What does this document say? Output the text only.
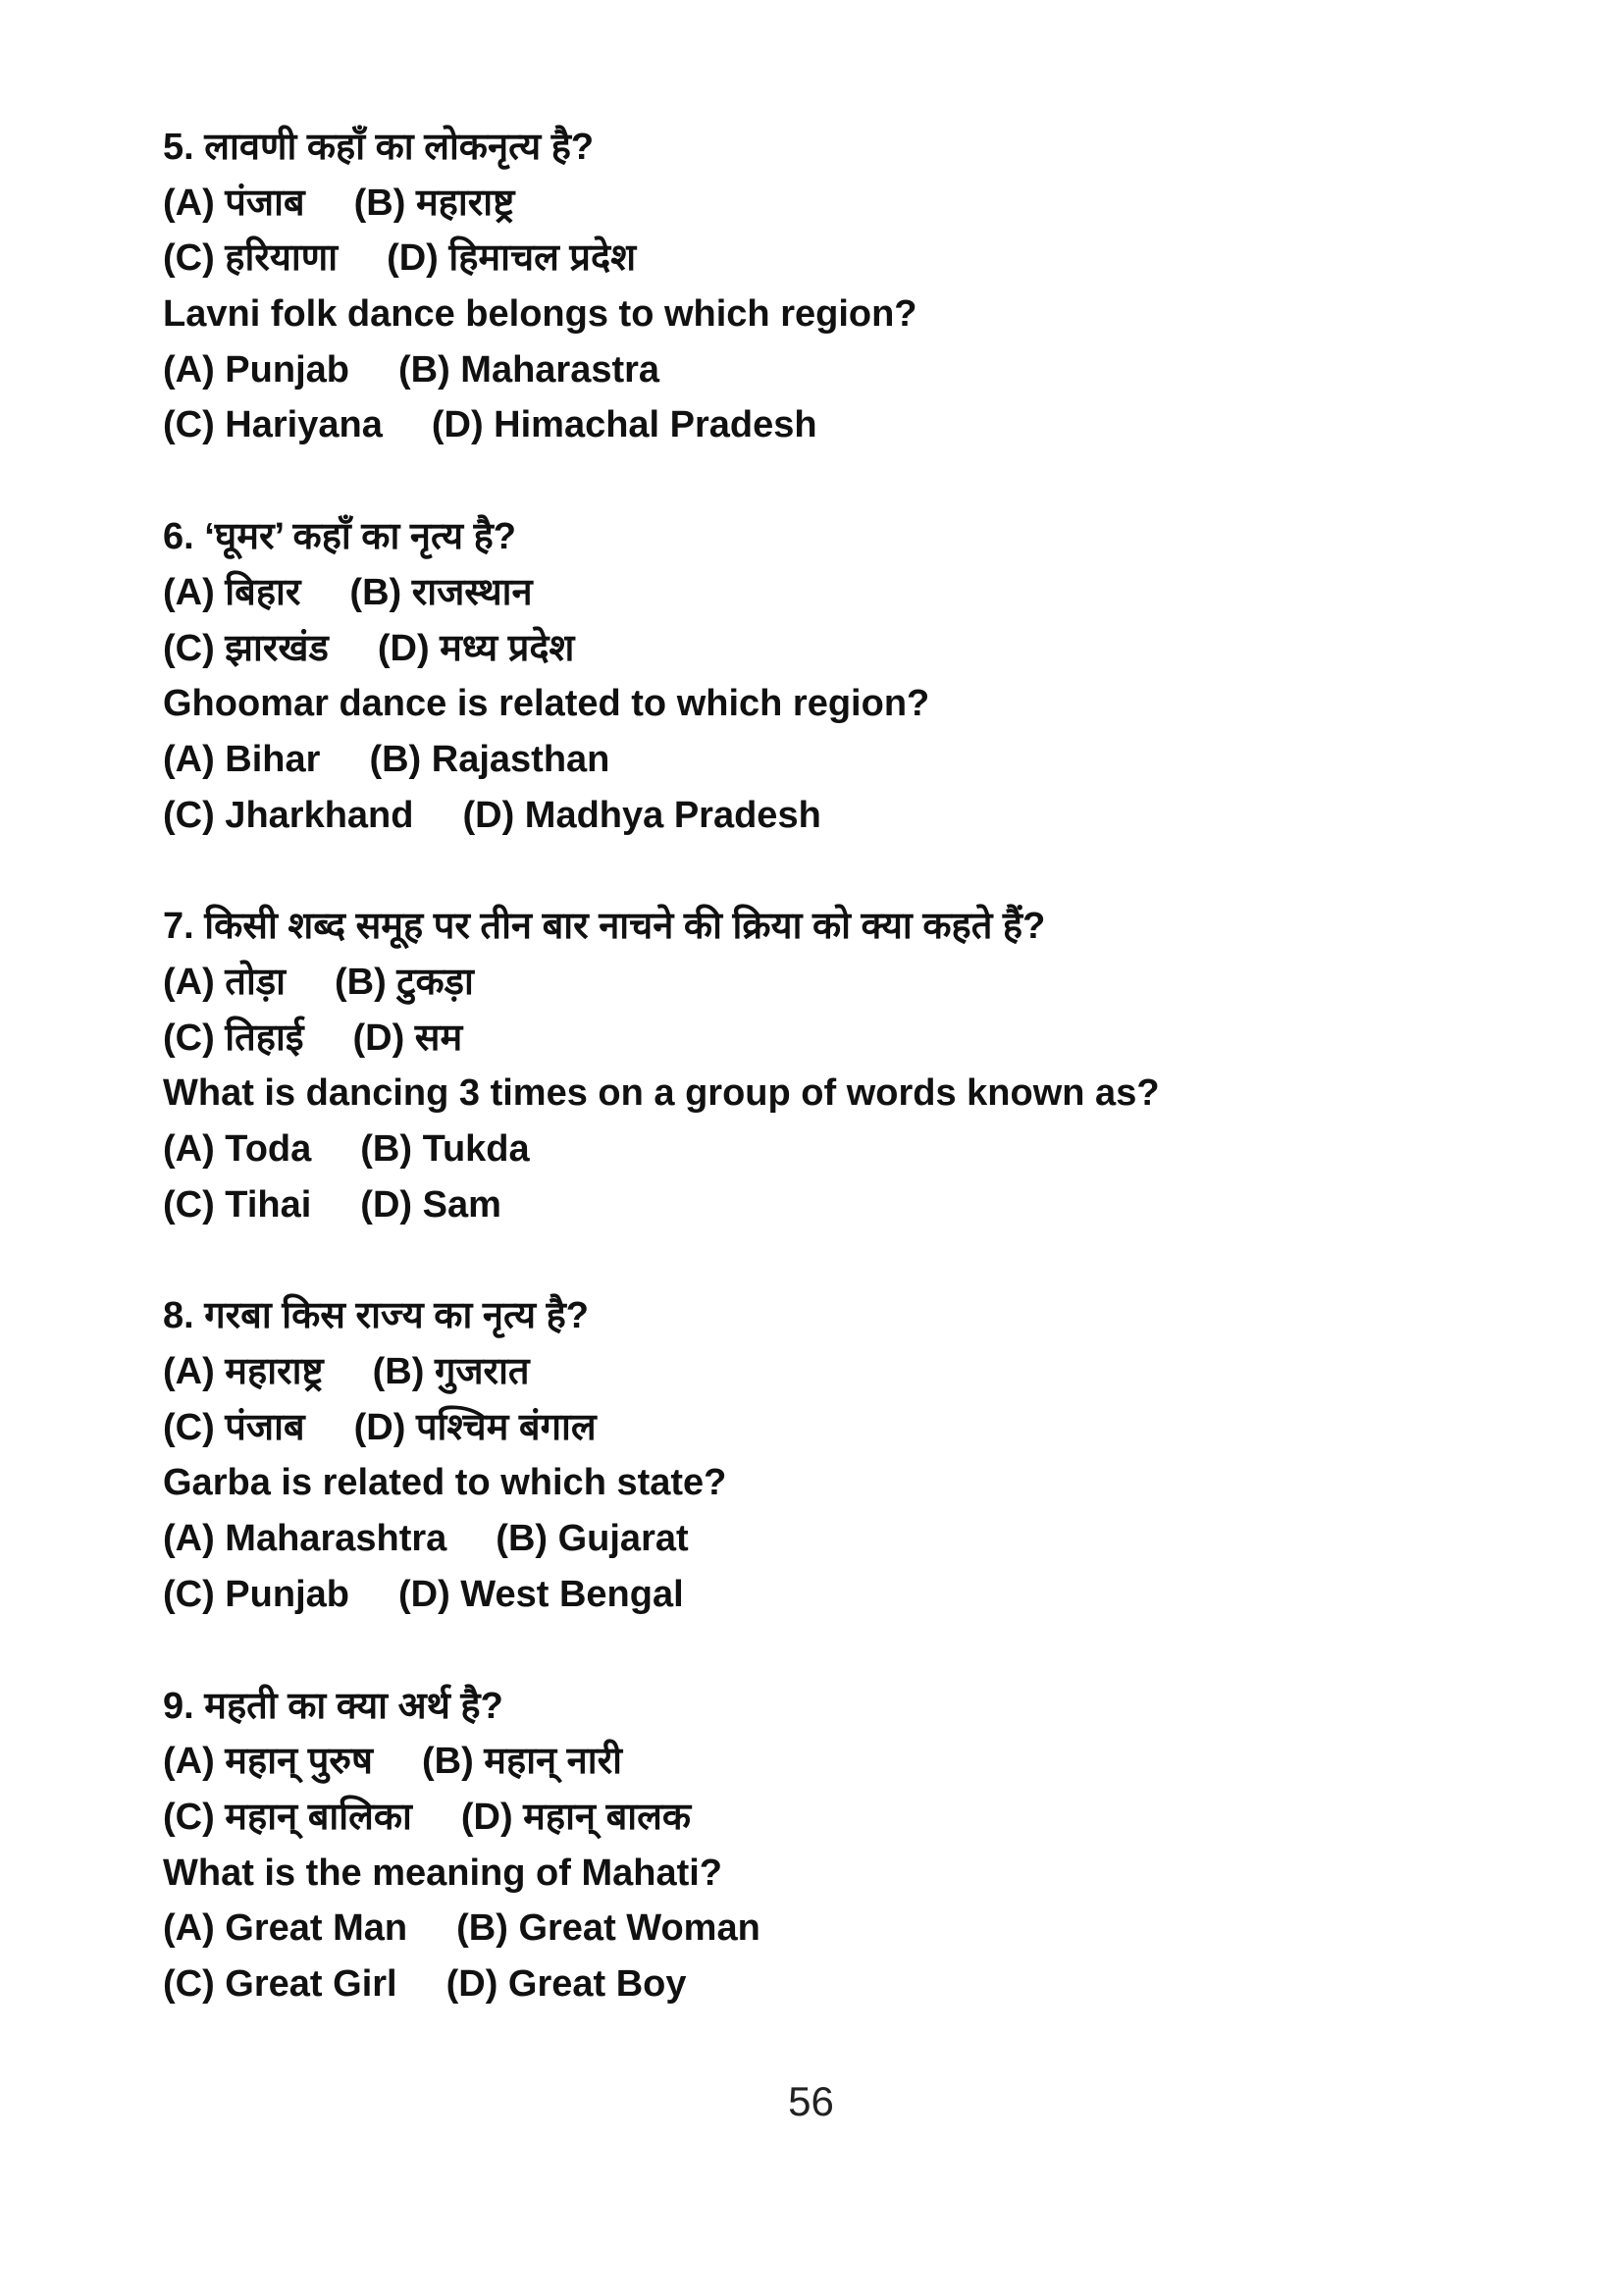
5. लावणी कहाँ का लोकनृत्य है?
(A) पंजाब (B) महाराष्ट्र
(C) हरियाणा (D) हिमाचल प्रदेश
Lavni folk dance belongs to which region?
(A) Punjab (B) Maharastra
(C) Hariyana (D) Himachal Pradesh
6. ‘घूमर’ कहाँ का नृत्य है?
(A) बिहार (B) राजस्थान
(C) झारखंड (D) मध्य प्रदेश
Ghoomar dance is related to which region?
(A) Bihar (B) Rajasthan
(C) Jharkhand (D) Madhya Pradesh
7. किसी शब्द समूह पर तीन बार नाचने की क्रिया को क्या कहते हैं?
(A) तोड़ा (B) टुकड़ा
(C) तिहाई (D) सम
What is dancing 3 times on a group of words known as?
(A) Toda (B) Tukda
(C) Tihai (D) Sam
8. गरबा किस राज्य का नृत्य है?
(A) महाराष्ट्र (B) गुजरात
(C) पंजाब (D) पश्चिम बंगाल
Garba is related to which state?
(A) Maharashtra (B) Gujarat
(C) Punjab (D) West Bengal
9. महती का क्या अर्थ है?
(A) महान् पुरुष (B) महान् नारी
(C) महान् बालिका (D) महान् बालक
What is the meaning of Mahati?
(A) Great Man (B) Great Woman
(C) Great Girl (D) Great Boy
56
